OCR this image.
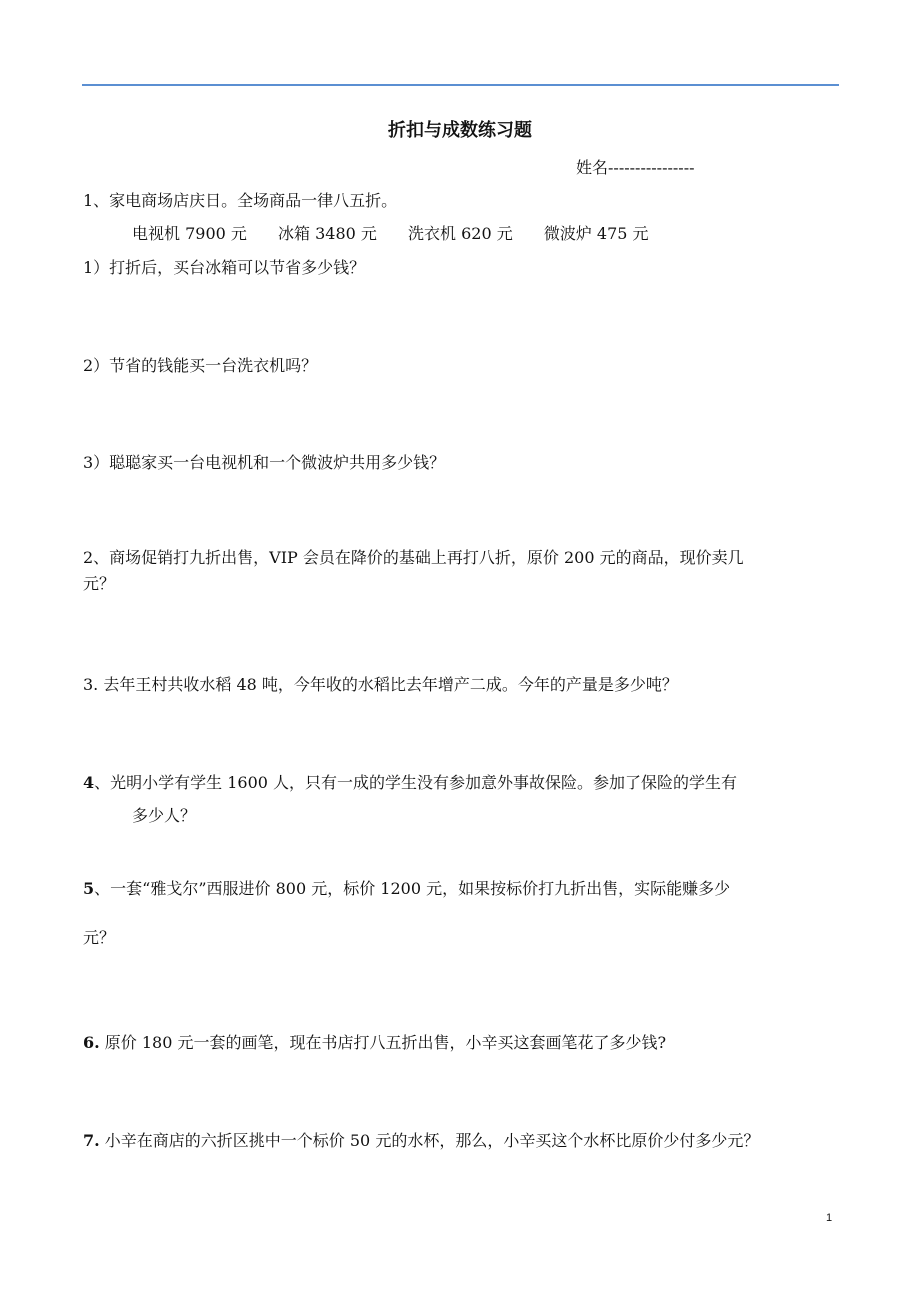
折扣与成数练习题
姓名----------------
1、家电商场店庆日。全场商品一律八五折。
电视机 7900 元 冰箱 3480 元 洗衣机 620 元 微波炉 475 元
1）打折后，买台冰箱可以节省多少钱？
2）节省的钱能买一台洗衣机吗？
3）聪聪家买一台电视机和一个微波炉共用多少钱？
2、商场促销打九折出售，VIP 会员在降价的基础上再打八折，原价 200 元的商品，现价卖几
元？
3. 去年王村共收水稻 48 吨，今年收的水稻比去年增产二成。今年的产量是多少吨？
4、光明小学有学生 1600 人，只有一成的学生没有参加意外事故保险。参加了保险的学生有
多少人？
5、一套“雅戈尔”西服进价 800 元，标价 1200 元，如果按标价打九折出售，实际能赚多少
元？
6. 原价 180 元一套的画笔，现在书店打八五折出售，小辛买这套画笔花了多少钱?
7. 小辛在商店的六折区挑中一个标价 50 元的水杯，那么，小辛买这个水杯比原价少付多少元？
1
